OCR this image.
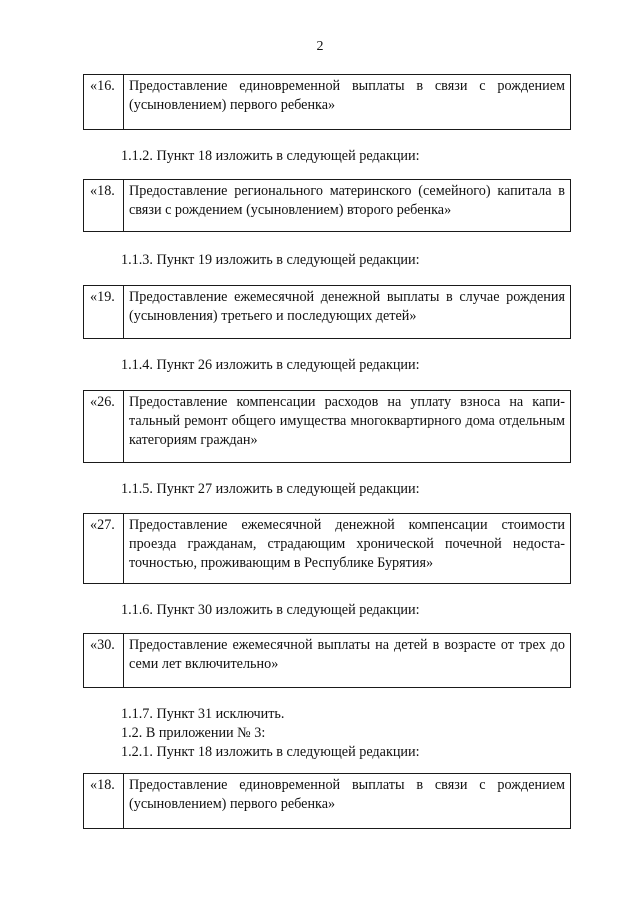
2
«16. Предоставление единовременной выплаты в связи с рождением (усыновлением) первого ребенка»
1.1.2. Пункт 18 изложить в следующей редакции:
«18. Предоставление регионального материнского (семейного) капитала в связи с рождением (усыновлением) второго ребенка»
1.1.3. Пункт 19 изложить в следующей редакции:
«19. Предоставление ежемесячной денежной выплаты в случае рождения (усыновления) третьего и последующих детей»
1.1.4. Пункт 26 изложить в следующей редакции:
«26. Предоставление компенсации расходов на уплату взноса на капитальный ремонт общего имущества многоквартирного дома отдельным категориям граждан»
1.1.5. Пункт 27 изложить в следующей редакции:
«27. Предоставление ежемесячной денежной компенсации стоимости проезда гражданам, страдающим хронической почечной недостаточностью, проживающим в Республике Бурятия»
1.1.6. Пункт 30 изложить в следующей редакции:
«30. Предоставление ежемесячной выплаты на детей в возрасте от трех до семи лет включительно»
1.1.7. Пункт 31 исключить.
1.2. В приложении № 3:
1.2.1. Пункт 18 изложить в следующей редакции:
«18. Предоставление единовременной выплаты в связи с рождением (усыновлением) первого ребенка»
